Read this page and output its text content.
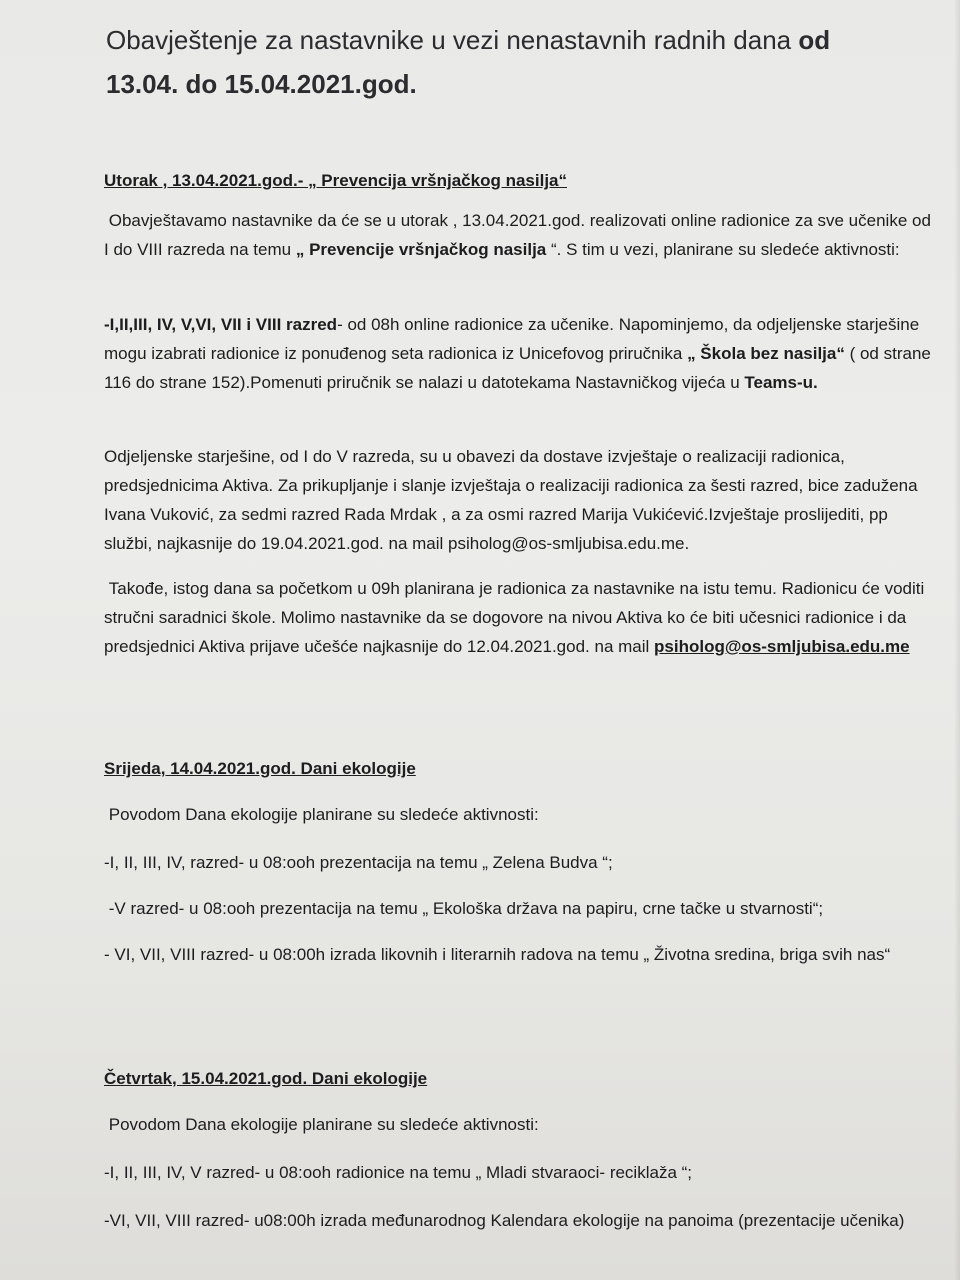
Obavještenje za nastavnike u vezi nenastavnih radnih dana od
13.04. do 15.04.2021.god.
Utorak , 13.04.2021.god.- „ Prevencija vršnjačkog nasilja“

Obavještavamo nastavnike da će se u utorak , 13.04.2021.god. realizovati online radionice za sve učenike od I do VIII razreda na temu „ Prevencije vršnjačkog nasilja “. S tim u vezi, planirane su sledeće aktivnosti:

-I,II,III, IV, V,VI, VII i VIII razred- od 08h online radionice za učenike. Napominjemo, da odjeljenske starješine mogu izabrati radionice iz ponuđenog seta radionica iz Unicefovog priručnika „ Škola bez nasilja“ ( od strane 116 do strane 152).Pomenuti priručnik se nalazi u datotekama Nastavničkog vijeća u Teams-u.

Odjeljenske starješine, od I do V razreda, su u obavezi da dostave izvještaje o realizaciji radionica, predsjednicima Aktiva. Za prikupljanje i slanje izvještaja o realizaciji radionica za šesti razred, bice zadužena Ivana Vuković, za sedmi razred Rada Mrdak , a za osmi razred Marija Vukićević.Izvještaje proslijediti, pp službi, najkasnije do 19.04.2021.god. na mail psiholog@os-smljubisa.edu.me.

Takođe, istog dana sa početkom u 09h planirana je radionica za nastavnike na istu temu. Radionicu će voditi stručni saradnici škole. Molimo nastavnike da se dogovore na nivou Aktiva ko će biti učesnici radionice i da predsjednici Aktiva prijave učešće najkasnije do 12.04.2021.god. na mail psiholog@os-smljubisa.edu.me

Srijeda, 14.04.2021.god. Dani ekologije

Povodom Dana ekologije planirane su sledeće aktivnosti:

-I, II, III, IV, razred- u 08:ooh prezentacija na temu „ Zelena Budva “;

-V razred- u 08:ooh prezentacija na temu „ Ekološka država na papiru, crne tačke u stvarnosti“;

- VI, VII, VIII razred- u 08:00h izrada likovnih i literarnih radova na temu „ Životna sredina, briga svih nas“

Četvrtak, 15.04.2021.god. Dani ekologije

Povodom Dana ekologije planirane su sledeće aktivnosti:

-I, II, III, IV, V razred- u 08:ooh radionice na temu „ Mladi stvaraoci- reciklaža “;

-VI, VII, VIII razred- u08:00h izrada međunarodnog Kalendara ekologije na panoima (prezentacije učenika)
